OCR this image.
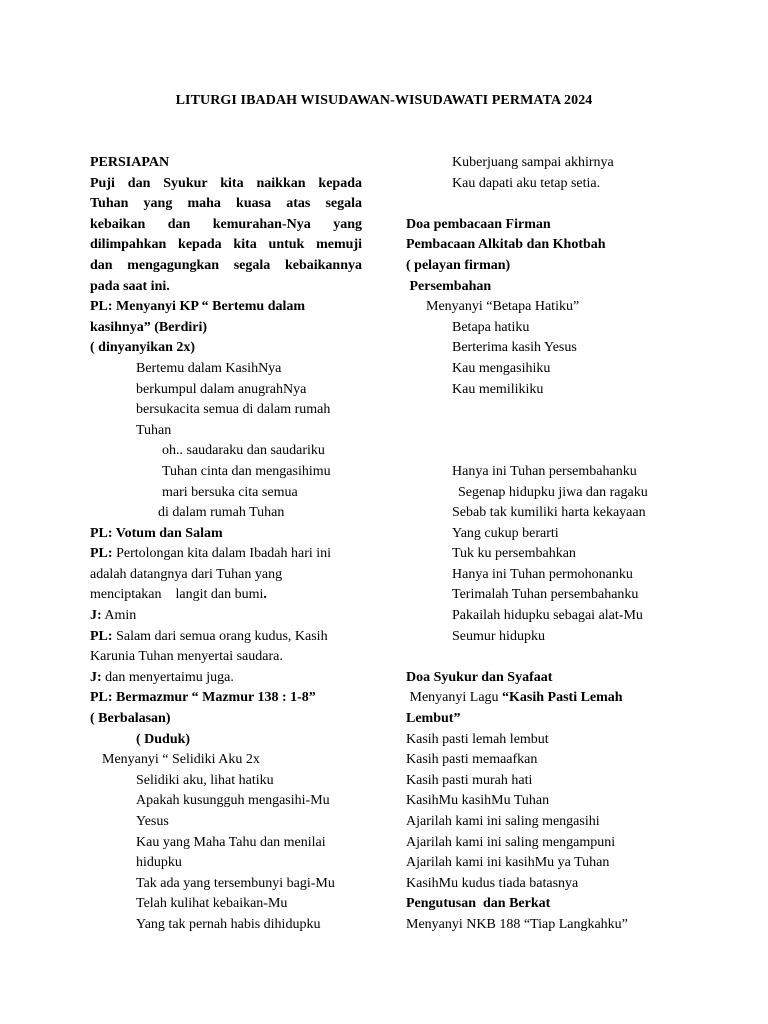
LITURGI IBADAH WISUDAWAN-WISUDAWATI PERMATA 2024
PERSIAPAN
Puji dan Syukur kita naikkan kepada
Tuhan yang maha kuasa atas segala
kebaikan dan kemurahan-Nya yang
dilimpahkan kepada kita untuk memuji
dan mengagungkan segala kebaikannya
pada saat ini.
PL: Menyanyi KP “ Bertemu dalam
kasihnya” (Berdiri)
( dinyanyikan 2x)
Bertemu dalam KasihNya
berkumpul dalam anugrahNya
bersukacita semua di dalam rumah
Tuhan
oh.. saudaraku dan saudariku
Tuhan cinta dan mengasihimu
mari bersuka cita semua
di dalam rumah Tuhan
PL: Votum dan Salam
PL: Pertolongan kita dalam Ibadah hari ini
adalah datangnya dari Tuhan yang
menciptakan    langit dan bumi.
J: Amin
PL: Salam dari semua orang kudus, Kasih
Karunia Tuhan menyertai saudara.
J: dan menyertaimu juga.
PL: Bermazmur “ Mazmur 138 : 1-8”
( Berbalasan)
( Duduk)
Menyanyi “ Selidiki Aku 2x
Selidiki aku, lihat hatiku
Apakah kusungguh mengasihi-Mu
Yesus
Kau yang Maha Tahu dan menilai
hidupku
Tak ada yang tersembunyi bagi-Mu
Telah kulihat kebaikan-Mu
Yang tak pernah habis dihidupku
Kuberjuang sampai akhirnya
Kau dapati aku tetap setia.
Doa pembacaan Firman
Pembacaan Alkitab dan Khotbah
( pelayan firman)
Persembahan
Menyanyi “Betapa Hatiku”
Betapa hatiku
Berterima kasih Yesus
Kau mengasihiku
Kau memilikiku
Hanya ini Tuhan persembahanku
Segenap hidupku jiwa dan ragaku
Sebab tak kumiliki harta kekayaan
Yang cukup berarti
Tuk ku persembahkan
Hanya ini Tuhan permohonanku
Terimalah Tuhan persembahanku
Pakailah hidupku sebagai alat-Mu
Seumur hidupku
Doa Syukur dan Syafaat
Menyanyi Lagu “Kasih Pasti Lemah
Lembut”
Kasih pasti lemah lembut
Kasih pasti memaafkan
Kasih pasti murah hati
KasihMu kasihMu Tuhan
Ajarilah kami ini saling mengasihi
Ajarilah kami ini saling mengampuni
Ajarilah kami ini kasihMu ya Tuhan
KasihMu kudus tiada batasnya
Pengutusan  dan Berkat
Menyanyi NKB 188 “Tiap Langkahku”
